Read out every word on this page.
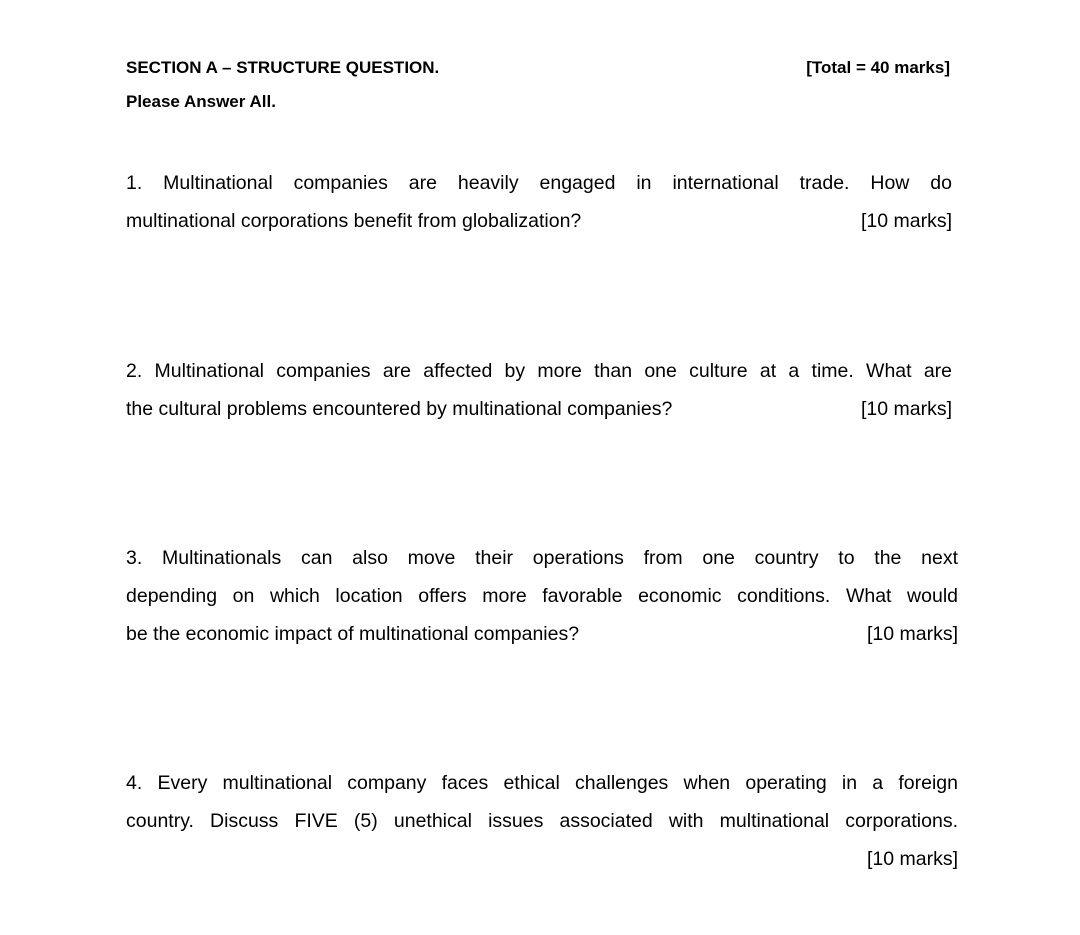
SECTION A – STRUCTURE QUESTION.	[Total = 40 marks]
Please Answer All.
1. Multinational companies are heavily engaged in international trade. How do
multinational corporations benefit from globalization?	[10 marks]
2. Multinational companies are affected by more than one culture at a time. What are
the cultural problems encountered by multinational companies?	[10 marks]
3. Multinationals can also move their operations from one country to the next
depending on which location offers more favorable economic conditions. What would
be the economic impact of multinational companies?	[10 marks]
4. Every multinational company faces ethical challenges when operating in a foreign
country. Discuss FIVE (5) unethical issues associated with multinational corporations.
[10 marks]
